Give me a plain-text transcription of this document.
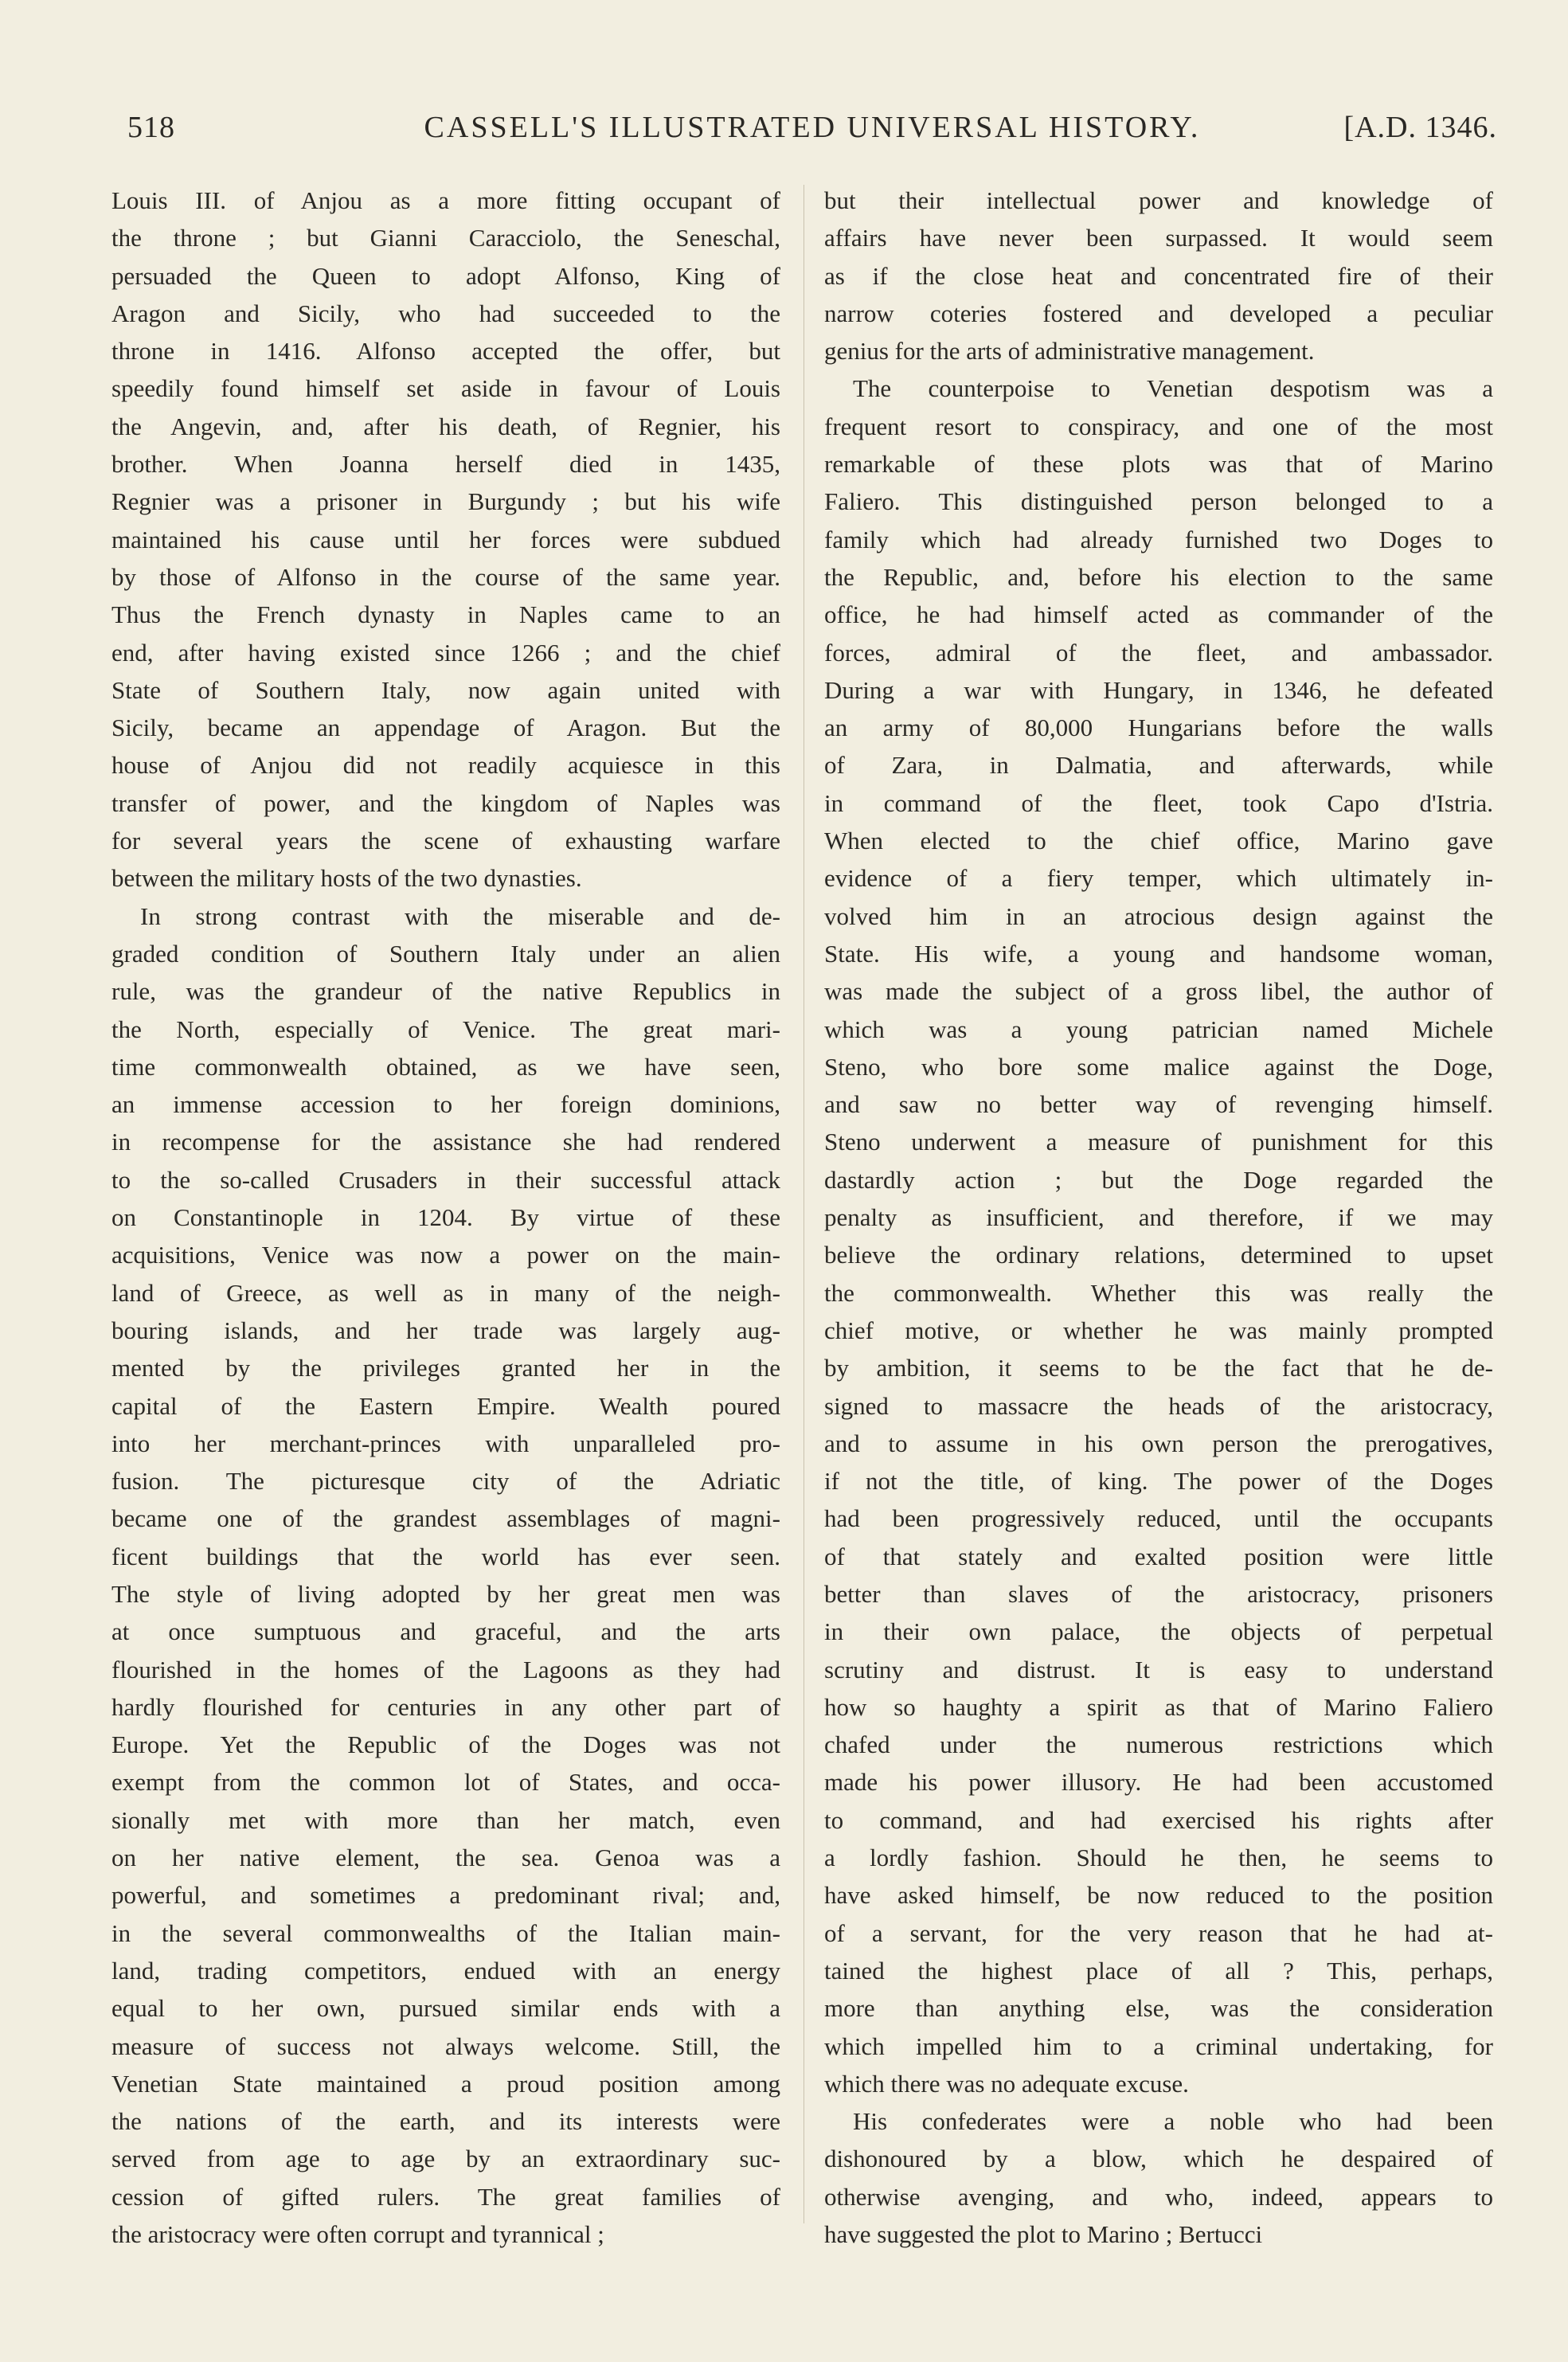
518	CASSELL'S ILLUSTRATED UNIVERSAL HISTORY.	[A.D. 1346.

Louis III. of Anjou as a more fitting occupant of

the throne ; but Gianni Caracciolo, the Seneschal,

persuaded the Queen to adopt Alfonso, King of

Aragon and Sicily, who had succeeded to the

throne in 1416. Alfonso accepted the offer, but

speedily found himself set aside in favour of Louis

the Angevin, and, after his death, of Regnier, his

brother. When Joanna herself died in 1435,

Regnier was a prisoner in Burgundy ; but his wife

maintained his cause until her forces were subdued

by those of Alfonso in the course of the same year.

Thus the French dynasty in Naples came to an

end, after having existed since 1266 ; and the chief

State of Southern Italy, now again united with

Sicily, became an appendage of Aragon. But the

house of Anjou did not readily acquiesce in this

transfer of power, and the kingdom of Naples was

for several years the scene of exhausting warfare

between the military hosts of the two dynasties.

In strong contrast with the miserable and de-

graded condition of Southern Italy under an alien

rule, was the grandeur of the native Republics in

the North, especially of Venice. The great mari-

time commonwealth obtained, as we have seen,

an immense accession to her foreign dominions,

in recompense for the assistance she had rendered

to the so-called Crusaders in their successful attack

on Constantinople in 1204. By virtue of these

acquisitions, Venice was now a power on the main-

land of Greece, as well as in many of the neigh-

bouring islands, and her trade was largely aug-

mented by the privileges granted her in the

capital of the Eastern Empire. Wealth poured

into her merchant-princes with unparalleled pro-

fusion. The picturesque city of the Adriatic

became one of the grandest assemblages of magni-

ficent buildings that the world has ever seen.

The style of living adopted by her great men was

at once sumptuous and graceful, and the arts

flourished in the homes of the Lagoons as they had

hardly flourished for centuries in any other part of

Europe. Yet the Republic of the Doges was not

exempt from the common lot of States, and occa-

sionally met with more than her match, even

on her native element, the sea. Genoa was a

powerful, and sometimes a predominant rival; and,

in the several commonwealths of the Italian main-

land, trading competitors, endued with an energy

equal to her own, pursued similar ends with a

measure of success not always welcome. Still, the

Venetian State maintained a proud position among

the nations of the earth, and its interests were

served from age to age by an extraordinary suc-

cession of gifted rulers. The great families of

the aristocracy were often corrupt and tyrannical ;

but their intellectual power and knowledge of

affairs have never been surpassed. It would seem

as if the close heat and concentrated fire of their

narrow coteries fostered and developed a peculiar

genius for the arts of administrative management.

The counterpoise to Venetian despotism was a

frequent resort to conspiracy, and one of the most

remarkable of these plots was that of Marino

Faliero. This distinguished person belonged to a

family which had already furnished two Doges to

the Republic, and, before his election to the same

office, he had himself acted as commander of the

forces, admiral of the fleet, and ambassador.

During a war with Hungary, in 1346, he defeated

an army of 80,000 Hungarians before the walls

of Zara, in Dalmatia, and afterwards, while

in command of the fleet, took Capo d'Istria.

When elected to the chief office, Marino gave

evidence of a fiery temper, which ultimately in-

volved him in an atrocious design against the

State. His wife, a young and handsome woman,

was made the subject of a gross libel, the author of

which was a young patrician named Michele

Steno, who bore some malice against the Doge,

and saw no better way of revenging himself.

Steno underwent a measure of punishment for this

dastardly action ; but the Doge regarded the

penalty as insufficient, and therefore, if we may

believe the ordinary relations, determined to upset

the commonwealth. Whether this was really the

chief motive, or whether he was mainly prompted

by ambition, it seems to be the fact that he de-

signed to massacre the heads of the aristocracy,

and to assume in his own person the prerogatives,

if not the title, of king. The power of the Doges

had been progressively reduced, until the occupants

of that stately and exalted position were little

better than slaves of the aristocracy, prisoners

in their own palace, the objects of perpetual

scrutiny and distrust. It is easy to understand

how so haughty a spirit as that of Marino Faliero

chafed under the numerous restrictions which

made his power illusory. He had been accustomed

to command, and had exercised his rights after

a lordly fashion. Should he then, he seems to

have asked himself, be now reduced to the position

of a servant, for the very reason that he had at-

tained the highest place of all ? This, perhaps,

more than anything else, was the consideration

which impelled him to a criminal undertaking, for

which there was no adequate excuse.

His confederates were a noble who had been

dishonoured by a blow, which he despaired of

otherwise avenging, and who, indeed, appears to

have suggested the plot to Marino ; Bertucci
